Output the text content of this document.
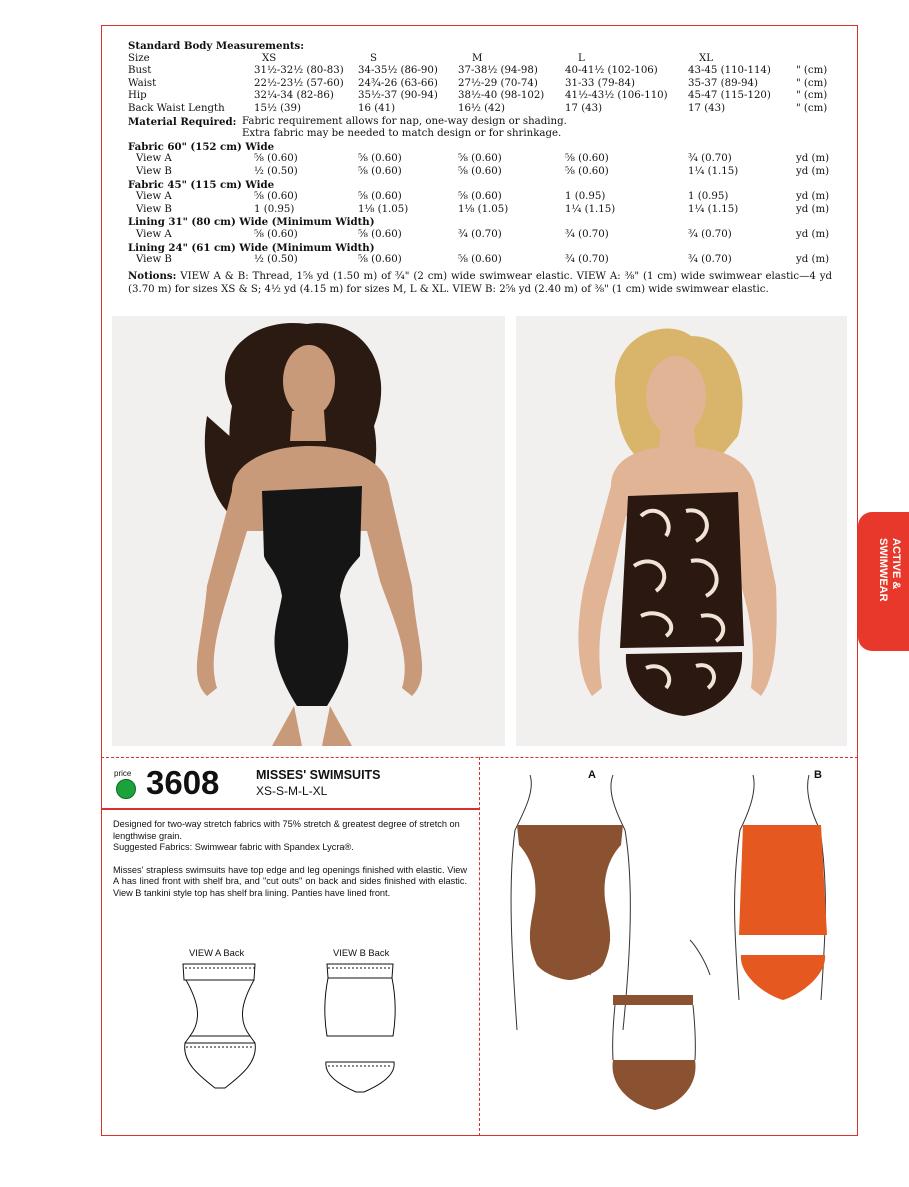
Standard Body Measurements:
Size	XS	S	M	L	XL
Bust	31½-32½ (80-83) 34-35½ (86-90) 37-38½ (94-98)	40-41½ (102-106)	43-45 (110-114) " (cm)
Waist	22½-23½ (57-60) 24¾-26 (63-66) 27½-29 (70-74)	31-33 (79-84)	35-37 (89-94)	" (cm)
Hip	32¼-34 (82-86) 35½-37 (90-94) 38½-40 (98-102) 41½-43½ (106-110) 45-47 (115-120) " (cm)
Back Waist Length	15½ (39)	16 (41)	16½ (42)	17 (43)	17 (43)	" (cm)
Material Required: Fabric requirement allows for nap, one-way design or shading.
Extra fabric may be needed to match design or for shrinkage.
Fabric 60" (152 cm) Wide
View A	⅝ (0.60)	⅝ (0.60)	⅝ (0.60)	⅝ (0.60)	¾ (0.70)	yd (m)
View B	½ (0.50)	⅝ (0.60)	⅝ (0.60)	⅝ (0.60)	1¼ (1.15)	yd (m)
Fabric 45" (115 cm) Wide
View A	⅝ (0.60)	⅝ (0.60)	⅝ (0.60)	1 (0.95)	1 (0.95)	yd (m)
View B	1 (0.95)	1⅛ (1.05)	1⅛ (1.05)	1¼ (1.15)	1¼ (1.15)	yd (m)
Lining 31" (80 cm) Wide (Minimum Width)
View A	⅝ (0.60)	⅝ (0.60)	¾ (0.70)	¾ (0.70)	¾ (0.70)	yd (m)
Lining 24" (61 cm) Wide (Minimum Width)
View B	½ (0.50)	⅝ (0.60)	⅝ (0.60)	¾ (0.70)	¾ (0.70)	yd (m)
Notions: VIEW A & B: Thread, 1⅝ yd (1.50 m) of ¾" (2 cm) wide swimwear elastic. VIEW A: ⅜" (1 cm) wide swimwear elastic—4 yd (3.70 m) for sizes XS & S; 4½ yd (4.15 m) for sizes M, L & XL. VIEW B: 2⅝ yd (2.40 m) of ⅜" (1 cm) wide swimwear elastic.
ACTIVE &
SWIMWEAR
price 3608	MISSES' SWIMSUITS
XS-S-M-L-XL

Designed for two-way stretch fabrics with 75% stretch & greatest degree of stretch on lengthwise grain.

Suggested Fabrics: Swimwear fabric with Spandex Lycra®.

Misses' strapless swimsuits have top edge and leg openings finished with elastic. View A has lined front with shelf bra, and "cut outs" on back and sides finished with elastic. View B tankini style top has shelf bra lining. Panties have lined front.

VIEW A Back	VIEW B Back
A	B
